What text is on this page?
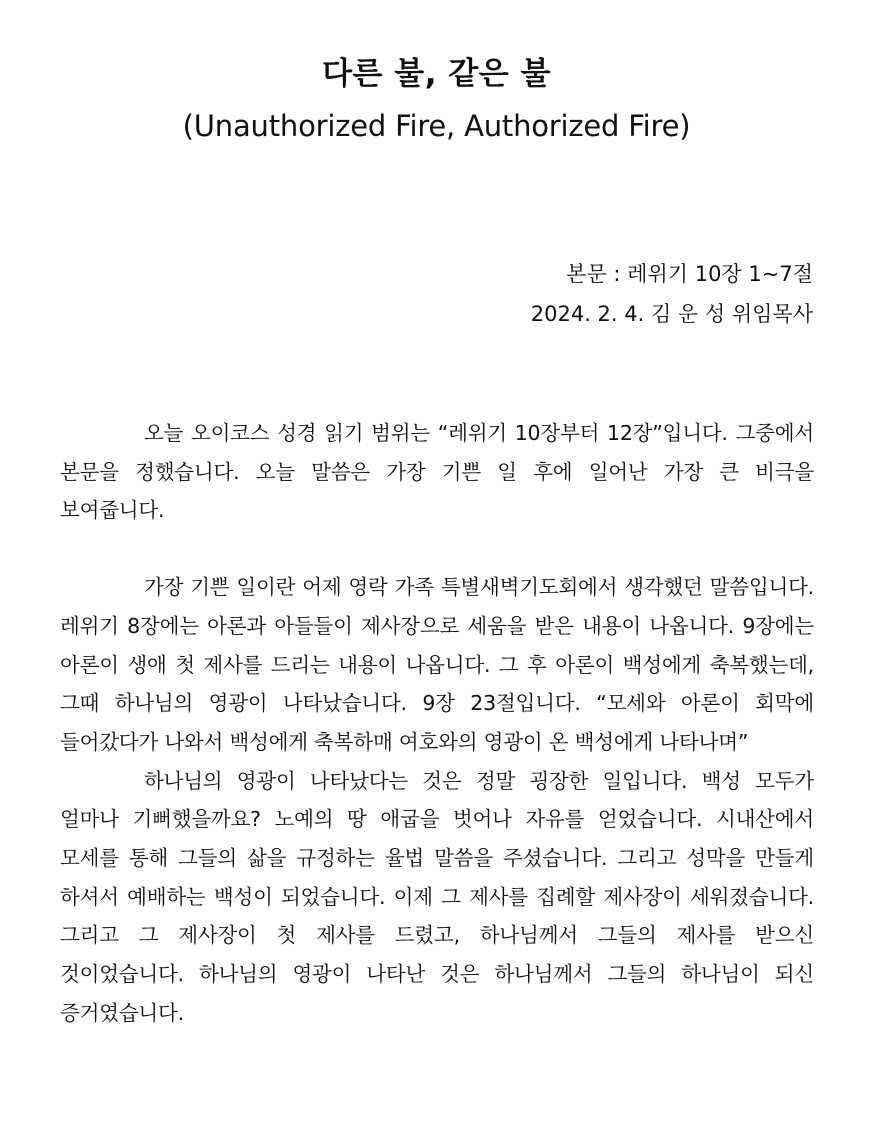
다른 불, 같은 불
(Unauthorized Fire, Authorized Fire)
본문 : 레위기 10장 1~7절
2024. 2. 4. 김 운 성 위임목사

오늘 오이코스 성경 읽기 범위는 “레위기 10장부터 12장”입니다. 그중에서 본문을 정했습니다. 오늘 말씀은 가장 기쁜 일 후에 일어난 가장 큰 비극을 보여줍니다.

가장 기쁜 일이란 어제 영락 가족 특별새벽기도회에서 생각했던 말씀입니다. 레위기 8장에는 아론과 아들들이 제사장으로 세움을 받은 내용이 나옵니다. 9장에는 아론이 생애 첫 제사를 드리는 내용이 나옵니다. 그 후 아론이 백성에게 축복했는데, 그때 하나님의 영광이 나타났습니다. 9장 23절입니다. “모세와 아론이 회막에 들어갔다가 나와서 백성에게 축복하매 여호와의 영광이 온 백성에게 나타나며”

하나님의 영광이 나타났다는 것은 정말 굉장한 일입니다. 백성 모두가 얼마나 기뻐했을까요? 노예의 땅 애굽을 벗어나 자유를 얻었습니다. 시내산에서 모세를 통해 그들의 삶을 규정하는 율법 말씀을 주셨습니다. 그리고 성막을 만들게 하셔서 예배하는 백성이 되었습니다. 이제 그 제사를 집례할 제사장이 세워졌습니다. 그리고 그 제사장이 첫 제사를 드렸고, 하나님께서 그들의 제사를 받으신 것이었습니다. 하나님의 영광이 나타난 것은 하나님께서 그들의 하나님이 되신 증거였습니다.
